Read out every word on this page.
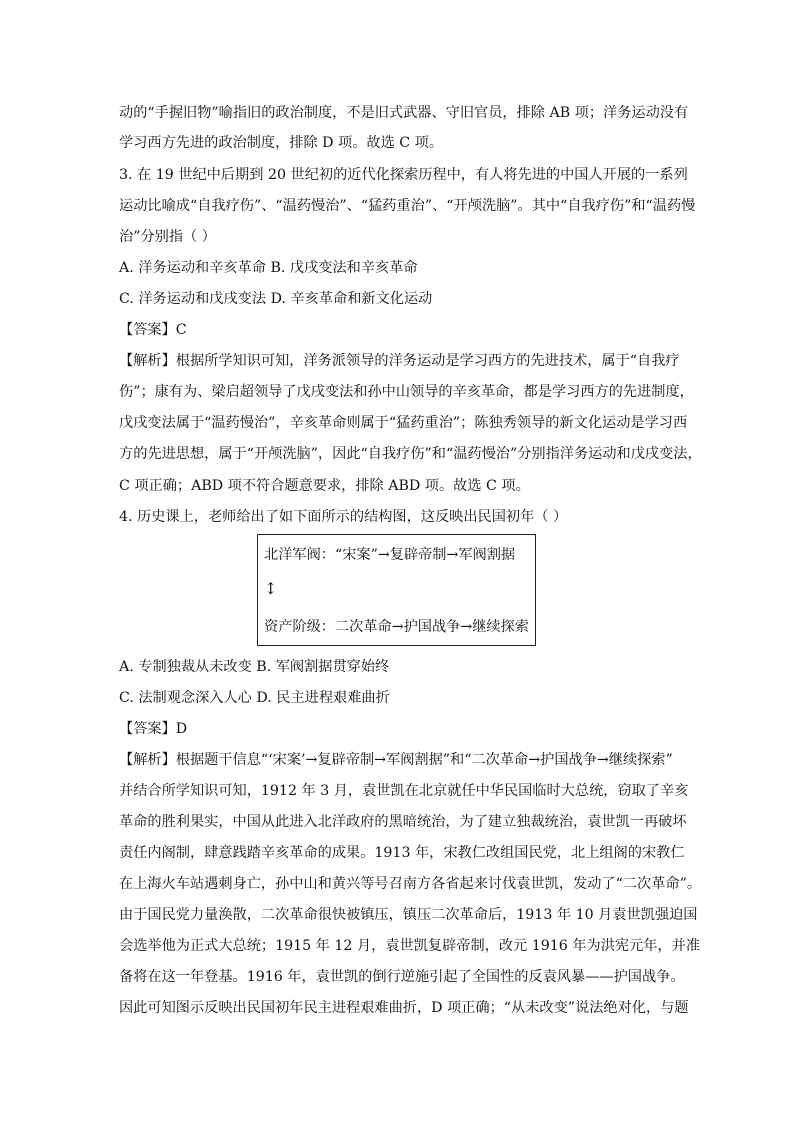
动的“手握旧物”喻指旧的政治制度，不是旧式武器、守旧官员，排除 AB 项；洋务运动没有
学习西方先进的政治制度，排除 D 项。故选 C 项。
3. 在 19 世纪中后期到 20 世纪初的近代化探索历程中，有人将先进的中国人开展的一系列
运动比喻成“自我疗伤”、“温药慢治”、“猛药重治”、“开颅洗脑”。其中“自我疗伤”和“温药慢
治”分别指（ ）
A. 洋务运动和辛亥革命 B. 戊戌变法和辛亥革命
C. 洋务运动和戊戌变法 D. 辛亥革命和新文化运动
【答案】C
【解析】根据所学知识可知，洋务派领导的洋务运动是学习西方的先进技术，属于“自我疗
伤”；康有为、梁启超领导了戊戌变法和孙中山领导的辛亥革命，都是学习西方的先进制度，
戊戌变法属于“温药慢治”，辛亥革命则属于“猛药重治”；陈独秀领导的新文化运动是学习西
方的先进思想，属于“开颅洗脑”，因此“自我疗伤”和“温药慢治”分别指洋务运动和戊戌变法，
C 项正确；ABD 项不符合题意要求，排除 ABD 项。故选 C 项。
4. 历史课上，老师给出了如下面所示的结构图，这反映出民国初年（ ）
北洋军阀：“宋案”→复辟帝制→军阀割据
↕
资产阶级：二次革命→护国战争→继续探索
A. 专制独裁从未改变 B. 军阀割据贯穿始终
C. 法制观念深入人心 D. 民主进程艰难曲折
【答案】D
【解析】根据题干信息“‘宋案’→复辟帝制→军阀割据”和“二次革命→护国战争→继续探索”
并结合所学知识可知，1912 年 3 月，袁世凯在北京就任中华民国临时大总统，窃取了辛亥
革命的胜利果实，中国从此进入北洋政府的黑暗统治，为了建立独裁统治，袁世凯一再破坏
责任内阁制，肆意践踏辛亥革命的成果。1913 年，宋教仁改组国民党，北上组阁的宋教仁
在上海火车站遇刺身亡，孙中山和黄兴等号召南方各省起来讨伐袁世凯，发动了“二次革命”。
由于国民党力量涣散，二次革命很快被镇压，镇压二次革命后，1913 年 10 月袁世凯强迫国
会选举他为正式大总统；1915 年 12 月，袁世凯复辟帝制，改元 1916 年为洪宪元年，并准
备将在这一年登基。1916 年，袁世凯的倒行逆施引起了全国性的反袁风暴——护国战争。
因此可知图示反映出民国初年民主进程艰难曲折，D 项正确；“从未改变”说法绝对化，与题
